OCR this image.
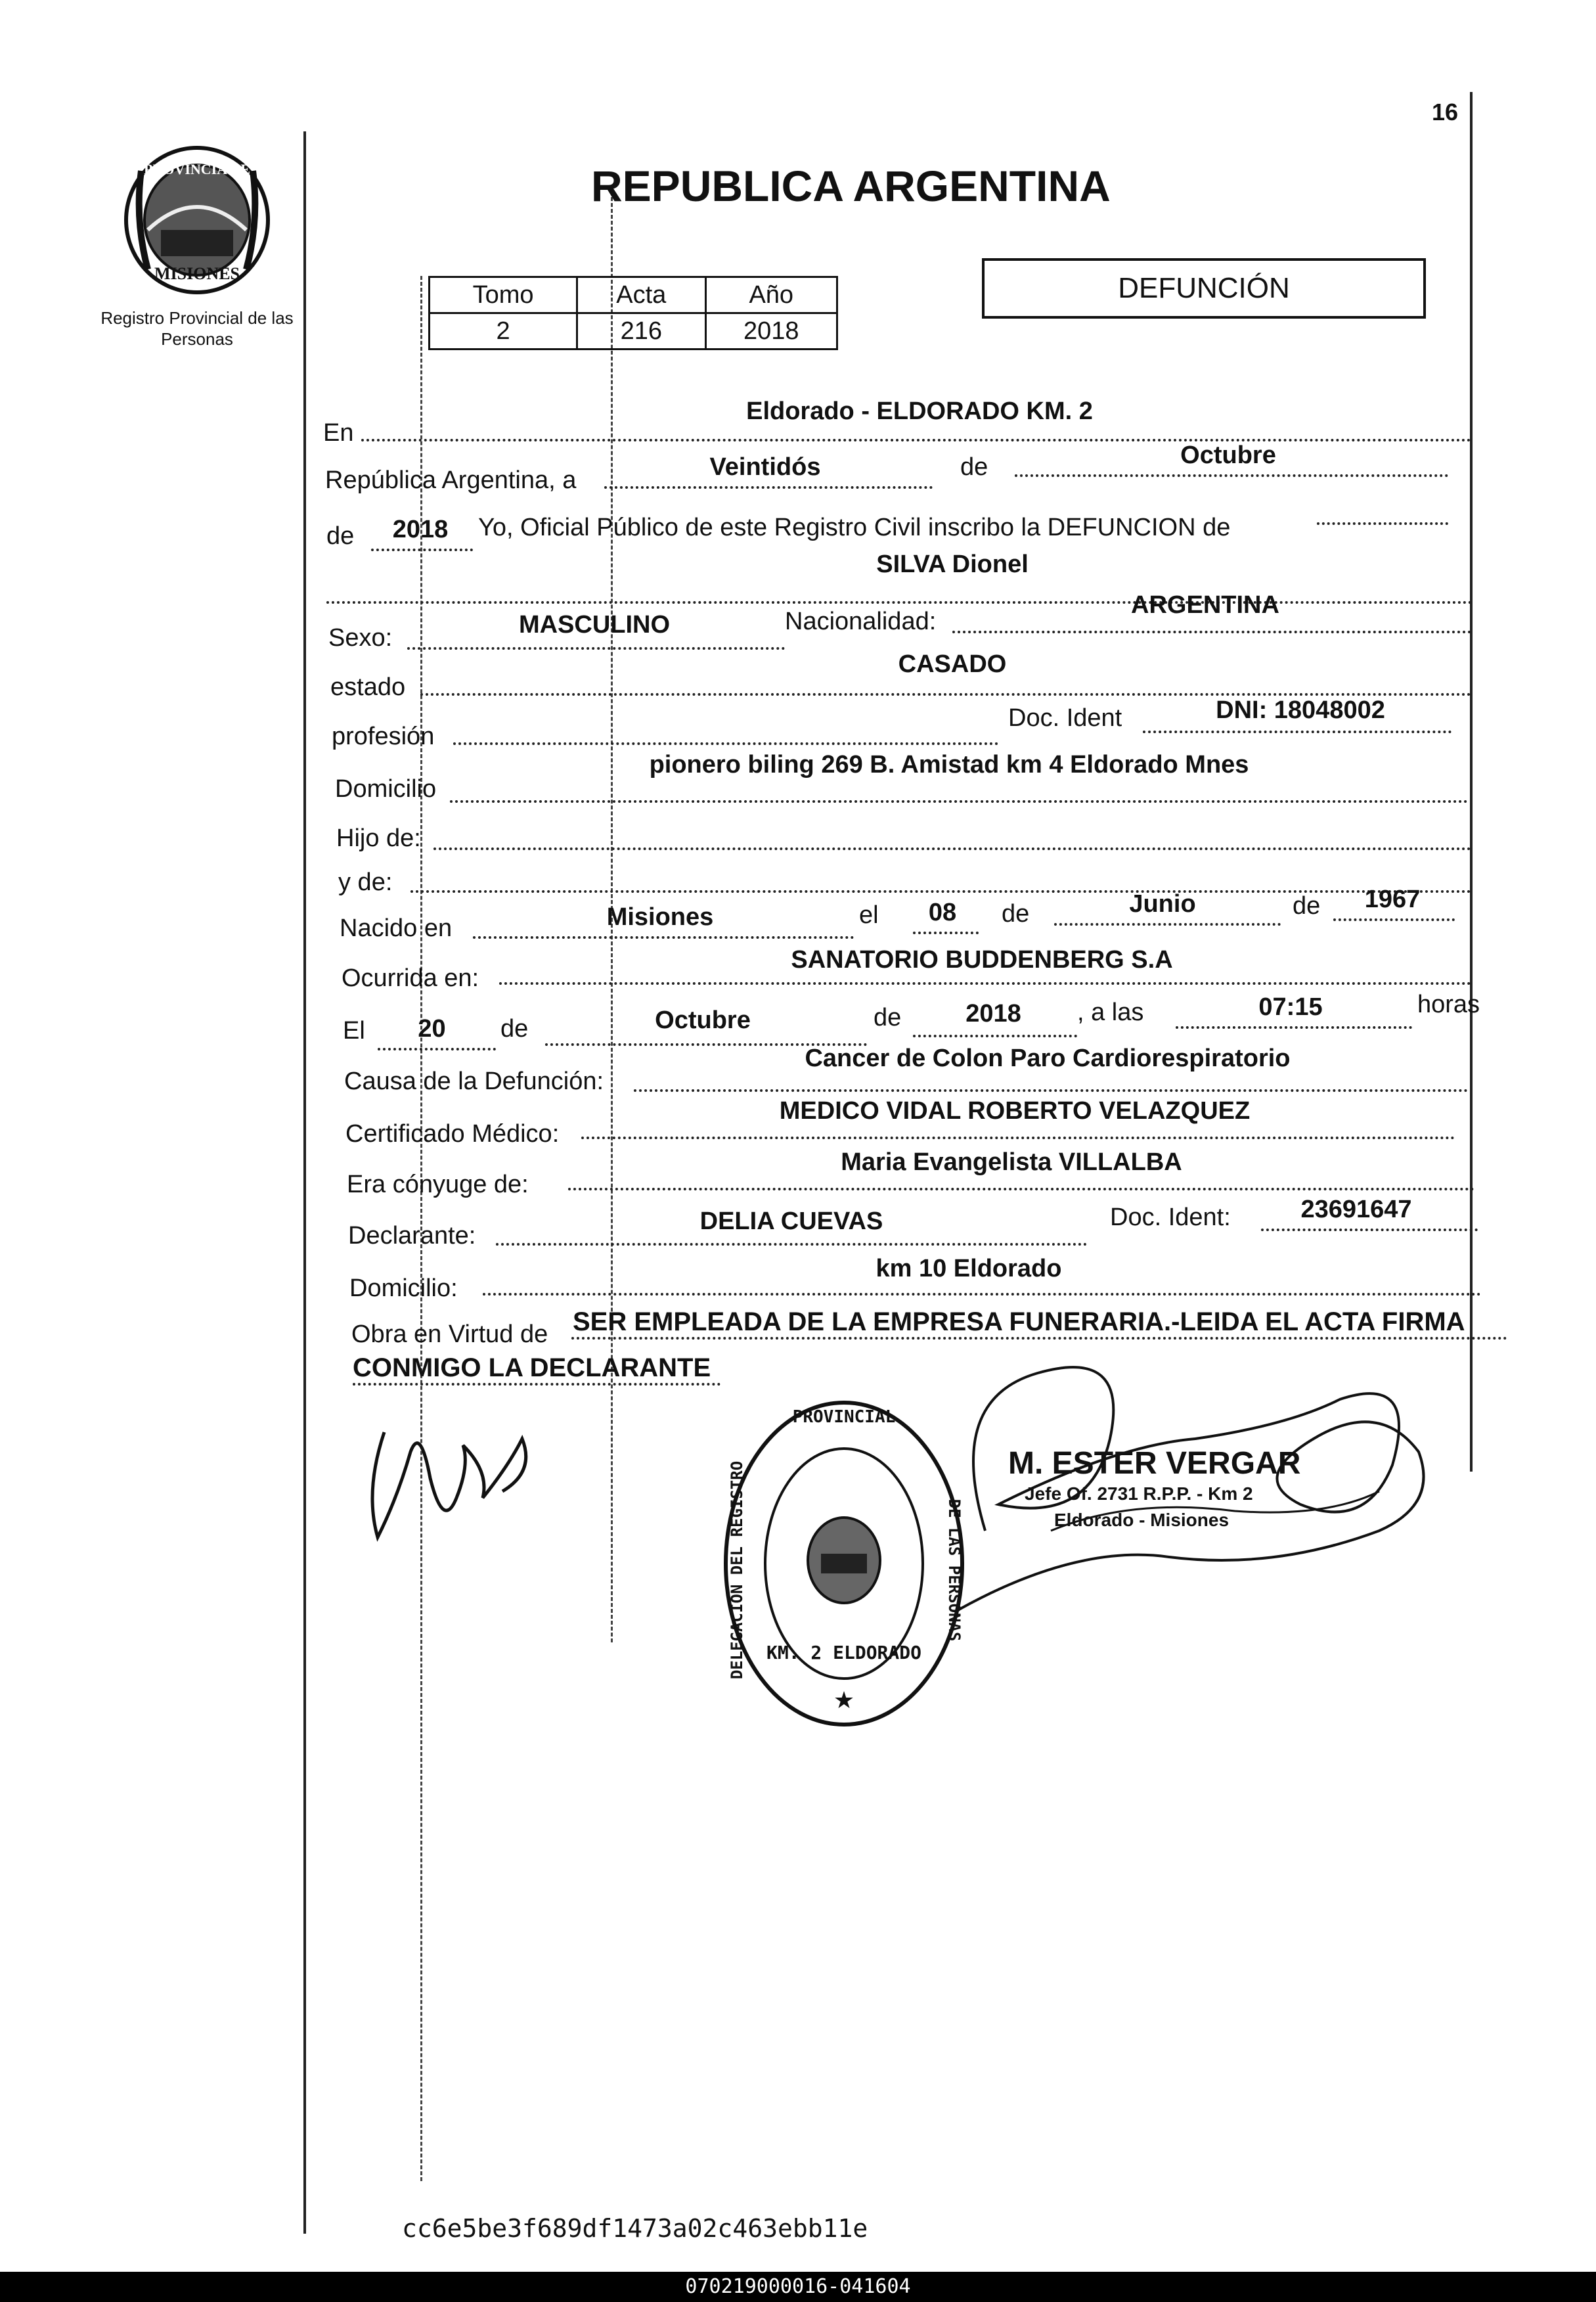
16
PROVINCIA DE
MISIONES
Registro Provincial de las Personas
REPUBLICA ARGENTINA
Tomo	Acta	Año
2	216	2018
DEFUNCIÓN
En
Eldorado - ELDORADO KM. 2
República Argentina, a	Veintidós	de	Octubre
de	2018	Yo, Oficial Público de este Registro Civil inscribo la DEFUNCION de
SILVA Dionel
Sexo:	MASCULINO	Nacionalidad:
ARGENTINA
estado
CASADO
profesión
Doc. Ident	DNI: 18048002
Domicilio
pionero biling 269 B. Amistad km 4 Eldorado Mnes
Hijo de:
y de:
Nacido en	Misiones	el	08	de	Junio	de	1967
Ocurrida en:
SANATORIO BUDDENBERG S.A
El	20	de	Octubre	de	2018	, a las	07:15	horas
Causa de la Defunción:
Cancer de Colon Paro Cardiorespiratorio
Certificado Médico:
MEDICO VIDAL ROBERTO VELAZQUEZ
Era cónyuge de:
Maria Evangelista VILLALBA
Declarante:
DELIA CUEVAS	Doc. Ident:	23691647
Domicilio:
km 10 Eldorado
Obra en Virtud de SER EMPLEADA DE LA EMPRESA FUNERARIA.-LEIDA EL ACTA FIRMA
CONMIGO LA DECLARANTE
PROVINCIAL
DELEGACION DEL REGISTRO	DE LAS PERSONAS
KM. 2 ELDORADO
★
M. ESTER VERGAR
Jefe Of. 2731 R.P.P. - Km 2
Eldorado - Misiones
cc6e5be3f689df1473a02c463ebb11e
070219000016-041604
